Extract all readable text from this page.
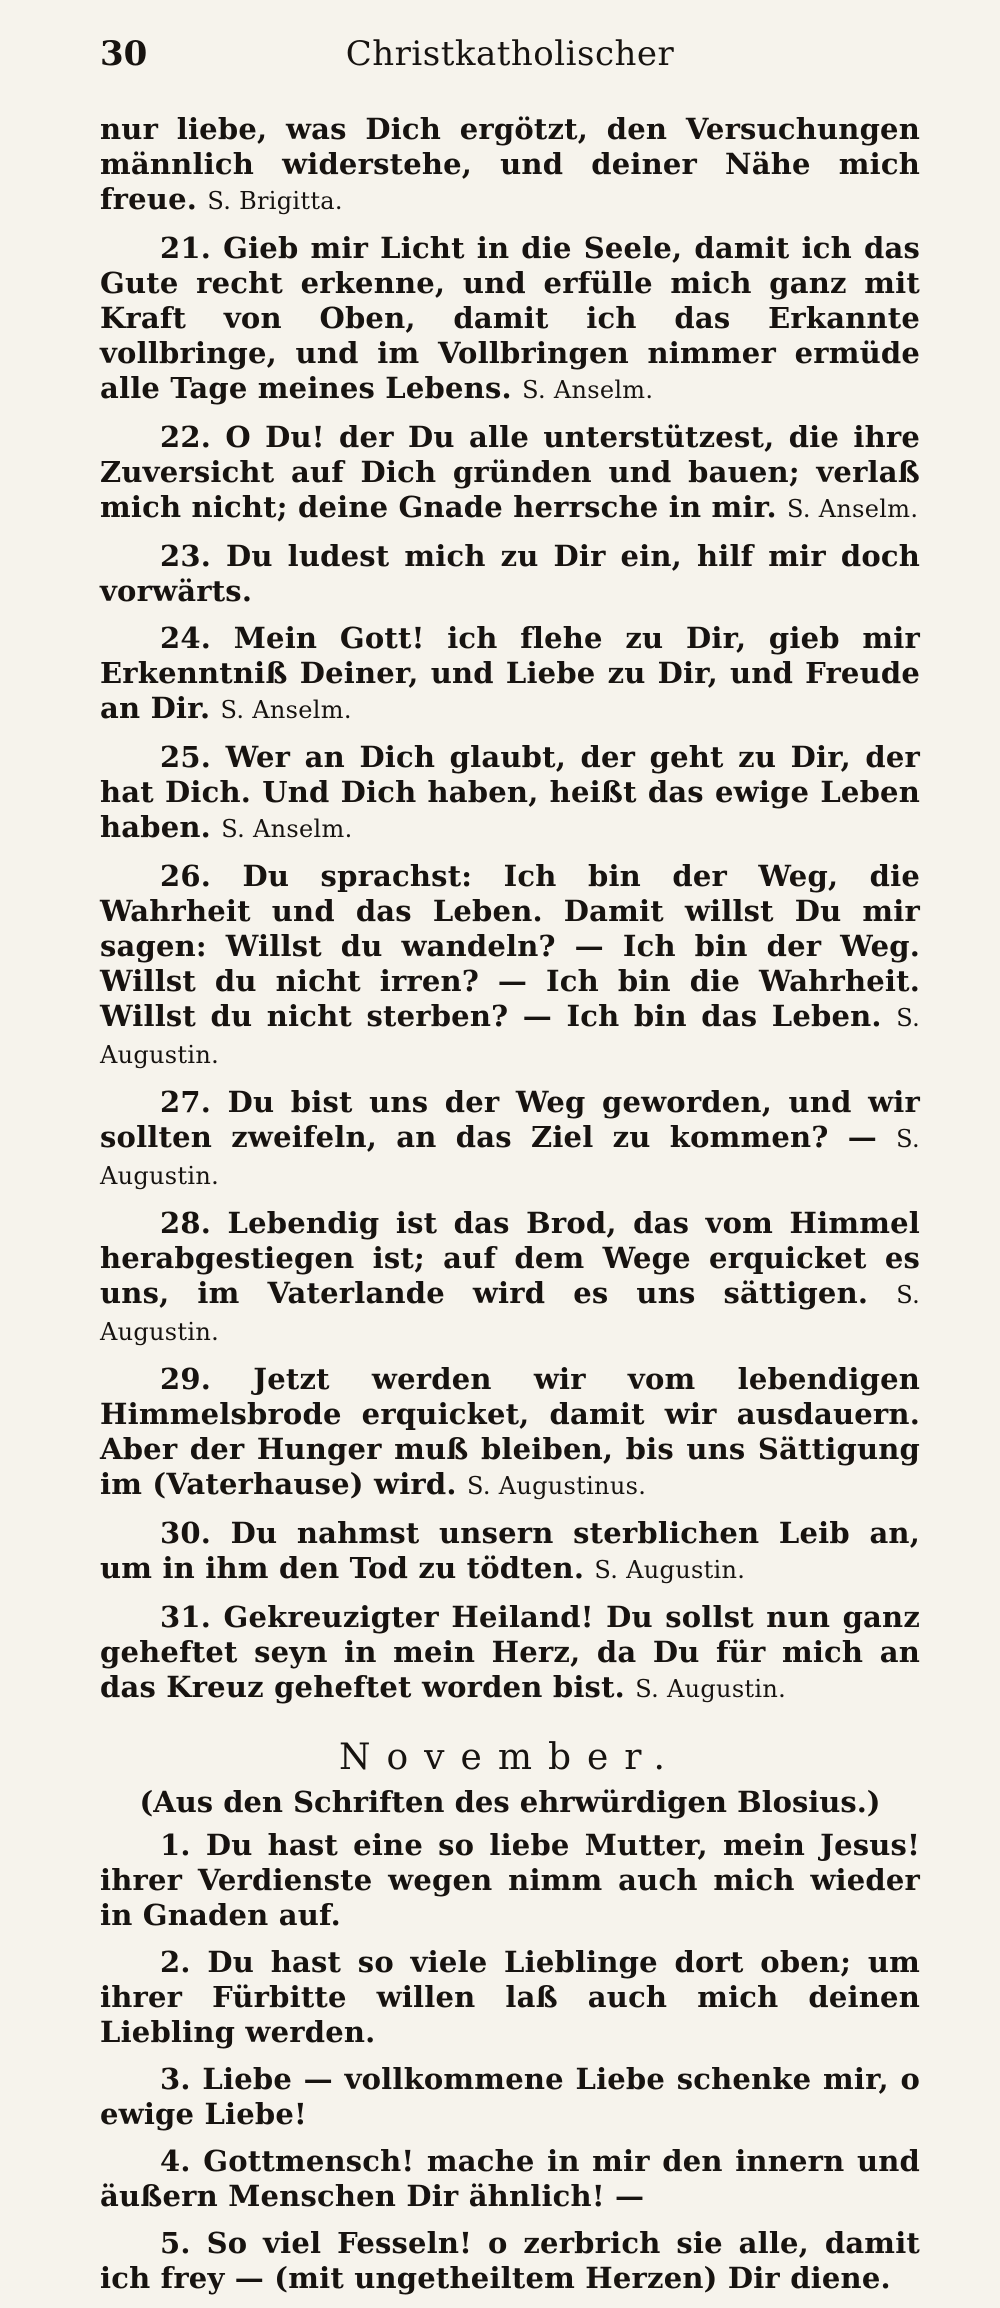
30	Christkatholischer

nur liebe, was Dich ergötzt, den Versuchungen männlich widerstehe, und deiner Nähe mich freue. S. Brigitta.

21. Gieb mir Licht in die Seele, damit ich das Gute recht erkenne, und erfülle mich ganz mit Kraft von Oben, damit ich das Erkannte vollbringe, und im Vollbringen nimmer ermüde alle Tage meines Lebens. S. Anselm.

22. O Du! der Du alle unterstützest, die ihre Zuversicht auf Dich gründen und bauen; verlaß mich nicht; deine Gnade herrsche in mir. S. Anselm.

23. Du ludest mich zu Dir ein, hilf mir doch vorwärts.

24. Mein Gott! ich flehe zu Dir, gieb mir Erkenntniß Deiner, und Liebe zu Dir, und Freude an Dir. S. Anselm.

25. Wer an Dich glaubt, der geht zu Dir, der hat Dich. Und Dich haben, heißt das ewige Leben haben. S. Anselm.

26. Du sprachst: Ich bin der Weg, die Wahrheit und das Leben. Damit willst Du mir sagen: Willst du wandeln? — Ich bin der Weg. Willst du nicht irren? — Ich bin die Wahrheit. Willst du nicht sterben? — Ich bin das Leben. S. Augustin.

27. Du bist uns der Weg geworden, und wir sollten zweifeln, an das Ziel zu kommen? — S. Augustin.

28. Lebendig ist das Brod, das vom Himmel herabgestiegen ist; auf dem Wege erquicket es uns, im Vaterlande wird es uns sättigen. S. Augustin.

29. Jetzt werden wir vom lebendigen Himmelsbrode erquicket, damit wir ausdauern. Aber der Hunger muß bleiben, bis uns Sättigung im (Vaterhause) wird. S. Augustinus.

30. Du nahmst unsern sterblichen Leib an, um in ihm den Tod zu tödten. S. Augustin.

31. Gekreuzigter Heiland! Du sollst nun ganz geheftet seyn in mein Herz, da Du für mich an das Kreuz geheftet worden bist. S. Augustin.

November.
(Aus den Schriften des ehrwürdigen Blosius.)

1. Du hast eine so liebe Mutter, mein Jesus! ihrer Verdienste wegen nimm auch mich wieder in Gnaden auf.

2. Du hast so viele Lieblinge dort oben; um ihrer Fürbitte willen laß auch mich deinen Liebling werden.

3. Liebe — vollkommene Liebe schenke mir, o ewige Liebe!

4. Gottmensch! mache in mir den innern und äußern Menschen Dir ähnlich! —

5. So viel Fesseln! o zerbrich sie alle, damit ich frey — (mit ungetheiltem Herzen) Dir diene.
